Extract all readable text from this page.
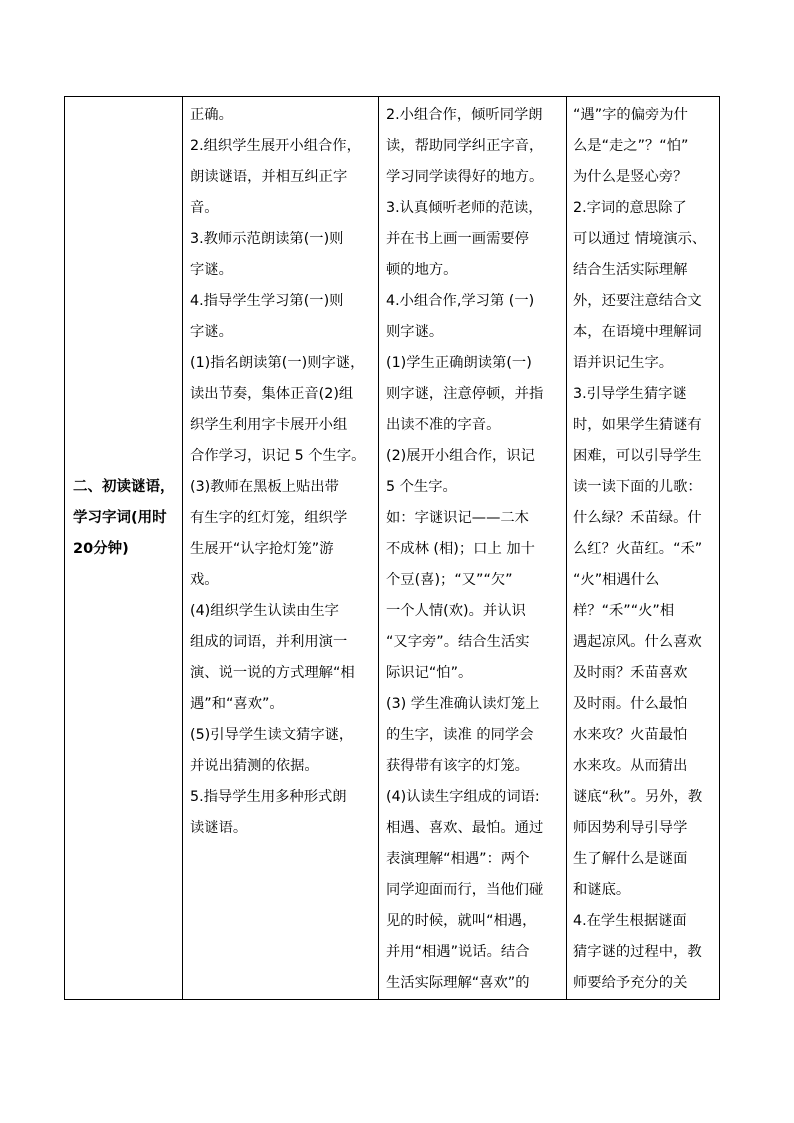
二、初读谜语，
学习字词(用时
20分钟)
正确。
2.组织学生展开小组合作，
朗读谜语，并相互纠正字
音。
3.教师示范朗读第(一)则
字谜。
4.指导学生学习第(一)则
字谜。
(1)指名朗读第(一)则字谜，
读出节奏，集体正音(2)组
织学生利用字卡展开小组
合作学习，识记 5 个生字。
(3)教师在黑板上贴出带
有生字的红灯笼，组织学
生展开“认字抢灯笼”游
戏。
(4)组织学生认读由生字
组成的词语，并利用演一
演、说一说的方式理解“相
遇”和“喜欢”。
(5)引导学生读文猜字谜，
并说出猜测的依据。
5.指导学生用多种形式朗
读谜语。
2.小组合作，倾听同学朗
读，帮助同学纠正字音，
学习同学读得好的地方。
3.认真倾听老师的范读，
并在书上画一画需要停
顿的地方。
4.小组合作,学习第 (一)
则字谜。
(1)学生正确朗读第(一)
则字谜，注意停顿，并指
出读不准的字音。
(2)展开小组合作，识记
5 个生字。
如：字谜识记——二木
不成林 (相)；口上 加十
个豆(喜)；“又”“欠”
一个人情(欢)。并认识
“又字旁”。结合生活实
际识记“怕”。
(3) 学生准确认读灯笼上
的生字，读准 的同学会
获得带有该字的灯笼。
(4)认读生字组成的词语:
相遇、喜欢、最怕。通过
表演理解“相遇”：两个
同学迎面而行，当他们碰
见的时候，就叫“相遇，
并用“相遇”说话。结合
生活实际理解“喜欢”的
“遇”字的偏旁为什
么是“走之”？“怕”
为什么是竖心旁？
2.字词的意思除了
可以通过 情境演示、
结合生活实际理解
外，还要注意结合文
本，在语境中理解词
语并识记生字。
3.引导学生猜字谜
时，如果学生猜谜有
困难，可以引导学生
读一读下面的儿歌：
什么绿？禾苗绿。什
么红？火苗红。“禾”
“火”相遇什么
样？“禾”“火”相
遇起凉风。什么喜欢
及时雨？禾苗喜欢
及时雨。什么最怕
水来攻？火苗最怕
水来攻。从而猜出
谜底“秋”。另外，教
师因势利导引导学
生了解什么是谜面
和谜底。
4.在学生根据谜面
猜字谜的过程中，教
师要给予充分的关
